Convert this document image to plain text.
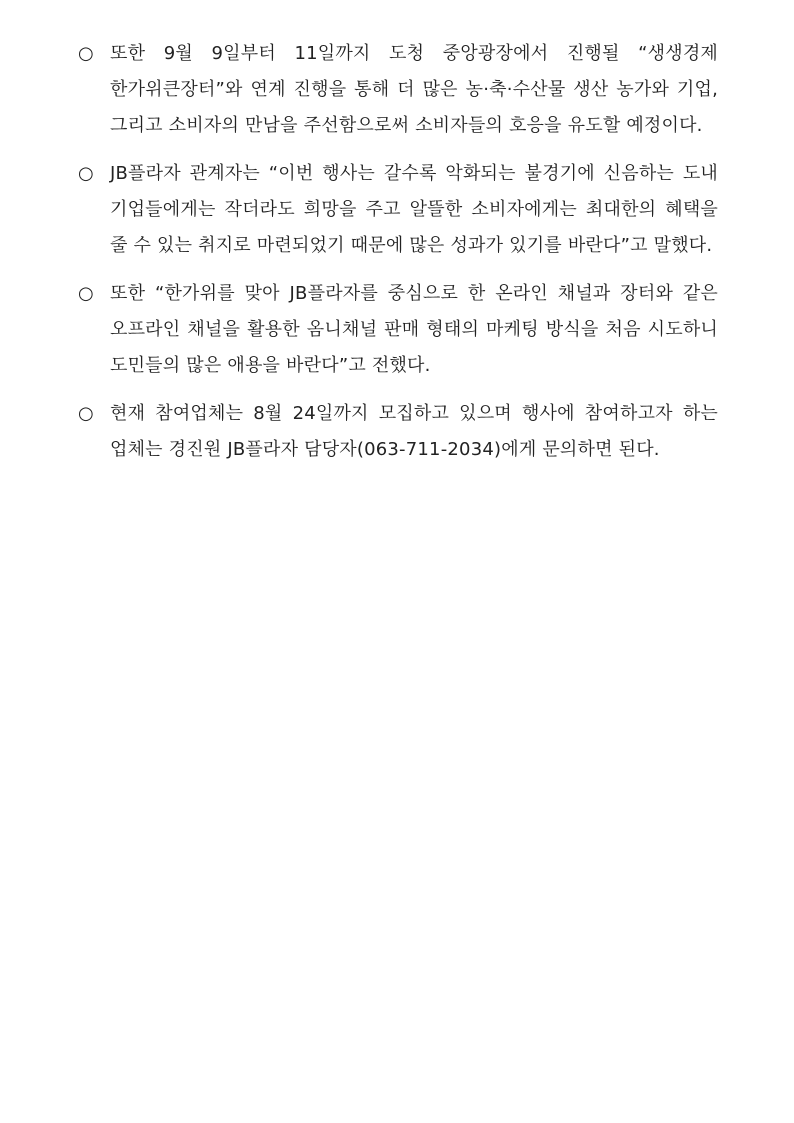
○ 또한 9월 9일부터 11일까지 도청 중앙광장에서 진행될 “생생경제 한가위큰장터”와 연계 진행을 통해 더 많은 농·축·수산물 생산 농가와 기업, 그리고 소비자의 만남을 주선함으로써 소비자들의 호응을 유도할 예정이다.

○ JB플라자 관계자는 “이번 행사는 갈수록 악화되는 불경기에 신음하는 도내 기업들에게는 작더라도 희망을 주고 알뜰한 소비자에게는 최대한의 혜택을 줄 수 있는 취지로 마련되었기 때문에 많은 성과가 있기를 바란다”고 말했다.

○ 또한 “한가위를 맞아 JB플라자를 중심으로 한 온라인 채널과 장터와 같은 오프라인 채널을 활용한 옴니채널 판매 형태의 마케팅 방식을 처음 시도하니 도민들의 많은 애용을 바란다”고 전했다.

○ 현재 참여업체는 8월 24일까지 모집하고 있으며 행사에 참여하고자 하는 업체는 경진원 JB플라자 담당자(063-711-2034)에게 문의하면 된다.
